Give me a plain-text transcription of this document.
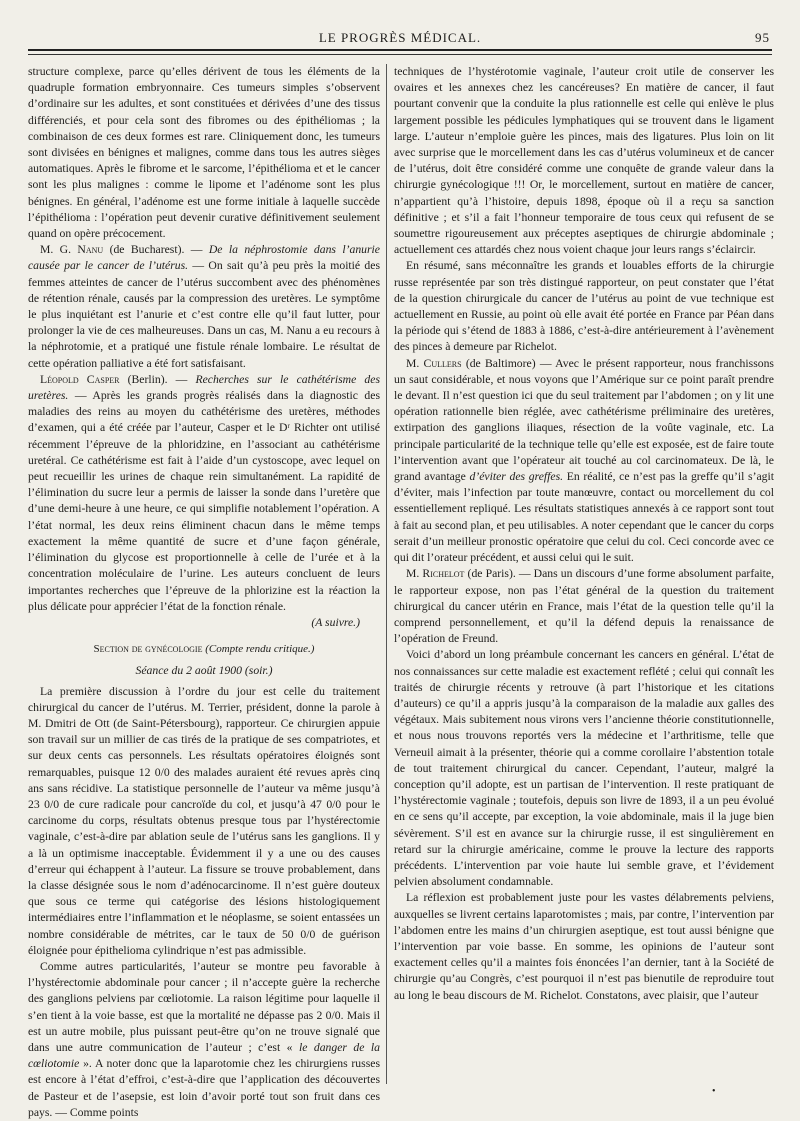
LE PROGRÈS MÉDICAL.	95

structure complexe, parce qu’elles dérivent de tous les éléments de la quadruple formation embryonnaire. Ces tumeurs simples s’observent d’ordinaire sur les adultes, et sont constituées et dérivées d’une des tissus différenciés, et pour cela sont des fibromes ou des épithéliomas ; la combinaison de ces deux formes est rare. Cliniquement donc, les tumeurs sont divisées en bénignes et malignes, comme dans tous les autres sièges automatiques. Après le fibrome et le sarcome, l’épithélioma et et le cancer sont les plus malignes : comme le lipome et l’adénome sont les plus bénignes. En général, l’adénome est une forme initiale à laquelle succède l’épithélioma : l’opération peut devenir curative définitivement seulement quand on opère précocement.

M. G. Nanu (de Bucharest). — De la néphrostomie dans l’anurie causée par le cancer de l’utérus. — On sait qu’à peu près la moitié des femmes atteintes de cancer de l’utérus succombent avec des phénomènes de rétention rénale, causés par la compression des uretères. Le symptôme le plus inquiétant est l’anurie et c’est contre elle qu’il faut lutter, pour prolonger la vie de ces malheureuses. Dans un cas, M. Nanu a eu recours à la néphrotomie, et a pratiqué une fistule rénale lombaire. Le résultat de cette opération palliative a été fort satisfaisant.

Léopold Casper (Berlin). — Recherches sur le cathétérisme des uretères. — Après les grands progrès réalisés dans la diagnostic des maladies des reins au moyen du cathétérisme des uretères, méthodes d’examen, qui a été créée par l’auteur, Casper et le Dʳ Richter ont utilisé récemment l’épreuve de la phloridzine, en l’associant au cathétérisme uretéral. Ce cathétérisme est fait à l’aide d’un cystoscope, avec lequel on peut recueillir les urines de chaque rein simultanément. La rapidité de l’élimination du sucre leur a permis de laisser la sonde dans l’uretère que d’une demi-heure à une heure, ce qui simplifie notablement l’opération. A l’état normal, les deux reins éliminent chacun dans le même temps exactement la même quantité de sucre et d’une façon générale, l’élimination du glycose est proportionnelle à celle de l’urée et à la concentration moléculaire de l’urine. Les auteurs concluent de leurs importantes recherches que l’épreuve de la phlorizine est la réaction la plus délicate pour apprécier l’état de la fonction rénale.

(A suivre.)

Section de gynécologie (Compte rendu critique.)

Séance du 2 août 1900 (soir.)

La première discussion à l’ordre du jour est celle du traitement chirurgical du cancer de l’utérus. M. Terrier, président, donne la parole à M. Dmitri de Ott (de Saint-Pétersbourg), rapporteur. Ce chirurgien appuie son travail sur un millier de cas tirés de la pratique de ses compatriotes, et sur deux cents cas personnels. Les résultats opératoires éloignés sont remarquables, puisque 12 0/0 des malades auraient été revues après cinq ans sans récidive. La statistique personnelle de l’auteur va même jusqu’à 23 0/0 de cure radicale pour cancroïde du col, et jusqu’à 47 0/0 pour le carcinome du corps, résultats obtenus presque tous par l’hystérectomie vaginale, c’est-à-dire par ablation seule de l’utérus sans les ganglions. Il y a là un optimisme inacceptable. Évidemment il y a une ou des causes d’erreur qui échappent à l’auteur. La fissure se trouve probablement, dans la classe désignée sous le nom d’adénocarcinome. Il n’est guère douteux que sous ce terme qui catégorise des lésions histologiquement intermédiaires entre l’inflammation et le néoplasme, se soient entassées un nombre considérable de métrites, car le taux de 50 0/0 de guérison éloignée pour épithelioma cylindrique n’est pas admissible.

Comme autres particularités, l’auteur se montre peu favorable à l’hystérectomie abdominale pour cancer ; il n’accepte guère la recherche des ganglions pelviens par cœliotomie. La raison légitime pour laquelle il s’en tient à la voie basse, est que la mortalité ne dépasse pas 2 0/0. Mais il est un autre mobile, plus puissant peut-être qu’on ne trouve signalé que dans une autre communication de l’auteur ; c’est « le danger de la cœliotomie ». A noter donc que la laparotomie chez les chirurgiens russes est encore à l’état d’effroi, c’est-à-dire que l’application des découvertes de Pasteur et de l’asepsie, est loin d’avoir porté tout son fruit dans ces pays. — Comme points

techniques de l’hystérotomie vaginale, l’auteur croit utile de conserver les ovaires et les annexes chez les cancéreuses? En matière de cancer, il faut pourtant convenir que la conduite la plus rationnelle est celle qui enlève le plus largement possible les pédicules lymphatiques qui se trouvent dans le ligament large. L’auteur n’emploie guère les pinces, mais des ligatures. Plus loin on lit avec surprise que le morcellement dans les cas d’utérus volumineux et de cancer de l’utérus, doit être considéré comme une conquête de grande valeur dans la chirurgie gynécologique !!! Or, le morcellement, surtout en matière de cancer, n’appartient qu’à l’histoire, depuis 1898, époque où il a reçu sa sanction définitive ; et s’il a fait l’honneur temporaire de tous ceux qui refusent de se soumettre rigoureusement aux préceptes aseptiques de chirurgie abdominale ; actuellement ces attardés chez nous voient chaque jour leurs rangs s’éclaircir.

En résumé, sans méconnaître les grands et louables efforts de la chirurgie russe représentée par son très distingué rapporteur, on peut constater que l’état de la question chirurgicale du cancer de l’utérus au point de vue technique est actuellement en Russie, au point où elle avait été portée en France par Péan dans la période qui s’étend de 1883 à 1886, c’est-à-dire antérieurement à l’avènement des pinces à demeure par Richelot.

M. Cullers (de Baltimore) — Avec le présent rapporteur, nous franchissons un saut considérable, et nous voyons que l’Amérique sur ce point paraît prendre le devant. Il n’est question ici que du seul traitement par l’abdomen ; on y lit une opération rationnelle bien réglée, avec cathétérisme préliminaire des uretères, extirpation des ganglions iliaques, résection de la voûte vaginale, etc. La principale particularité de la technique telle qu’elle est exposée, est de faire toute l’intervention avant que l’opérateur ait touché au col carcinomateux. De là, le grand avantage d’éviter des greffes. En réalité, ce n’est pas la greffe qu’il s’agit d’éviter, mais l’infection par toute manœuvre, contact ou morcellement du col essentiellement repliqué. Les résultats statistiques annexés à ce rapport sont tout à fait au second plan, et peu utilisables. A noter cependant que le cancer du corps serait d’un meilleur pronostic opératoire que celui du col. Ceci concorde avec ce qui dit l’orateur précédent, et aussi celui qui le suit.

M. Richelot (de Paris). — Dans un discours d’une forme absolument parfaite, le rapporteur expose, non pas l’état général de la question du traitement chirurgical du cancer utérin en France, mais l’état de la question telle qu’il la comprend personnellement, et qu’il la défend depuis la renaissance de l’opération de Freund.

Voici d’abord un long préambule concernant les cancers en général. L’état de nos connaissances sur cette maladie est exactement reflété ; celui qui connaît les traités de chirurgie récents y retrouve (à part l’historique et les citations d’auteurs) ce qu’il a appris jusqu’à la comparaison de la maladie aux galles des végétaux. Mais subitement nous virons vers l’ancienne théorie constitutionnelle, et nous nous trouvons reportés vers la médecine et l’arthritisme, telle que Verneuil aimait à la présenter, théorie qui a comme corollaire l’abstention totale de tout traitement chirurgical du cancer. Cependant, l’auteur, malgré la conception qu’il adopte, est un partisan de l’intervention. Il reste pratiquant de l’hystérectomie vaginale ; toutefois, depuis son livre de 1893, il a un peu évolué en ce sens qu’il accepte, par exception, la voie abdominale, mais il la juge bien sévèrement. S’il est en avance sur la chirurgie russe, il est singulièrement en retard sur la chirurgie américaine, comme le prouve la lecture des rapports précédents. L’intervention par voie haute lui semble grave, et l’évidement pelvien absolument condamnable.

La réflexion est probablement juste pour les vastes délabrements pelviens, auxquelles se livrent certains laparotomistes ; mais, par contre, l’intervention par l’abdomen entre les mains d’un chirurgien aseptique, est tout aussi bénigne que l’intervention par voie basse. En somme, les opinions de l’auteur sont exactement celles qu’il a maintes fois énoncées l’an dernier, tant à la Société de chirurgie qu’au Congrès, c’est pourquoi il n’est pas bienutile de reproduire tout au long le beau discours de M. Richelot. Constatons, avec plaisir, que l’auteur

•
